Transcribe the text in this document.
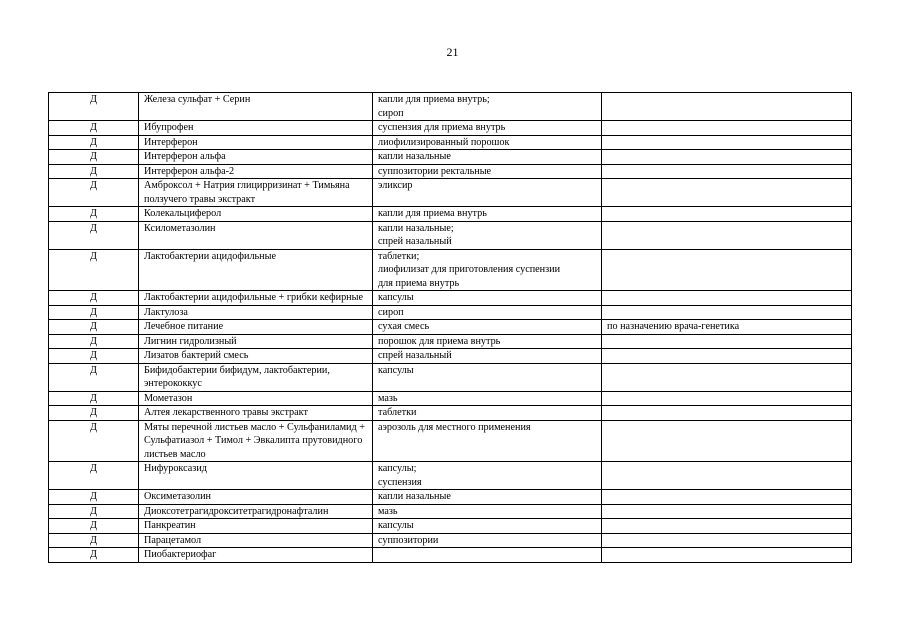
21
Д	Железа сульфат + Серин	капли для приема внутрь;
сироп	

Д	Ибупрофен	суспензия для приема внутрь	

Д	Интерферон	лиофилизированный порошок	

Д	Интерферон альфа	капли назальные	

Д	Интерферон альфа-2	суппозитории ректальные	

Д	Амброксол + Натрия глицирризинат + Тимьяна ползучего травы экстракт	эликсир	

Д	Колекальциферол	капли для приема внутрь	

Д	Ксилометазолин	капли назальные;
спрей назальный	

Д	Лактобактерии ацидофильные	таблетки;
лиофилизат для приготовления суспензии
для приема внутрь	

Д	Лактобактерии ацидофильные + грибки кефирные	капсулы	

Д	Лактулоза	сироп	

Д	Лечебное питание	сухая смесь	по назначению врача-генетика
Д	Лигнин гидролизный	порошок для приема внутрь	

Д	Лизатов бактерий смесь	спрей назальный	

Д	Бифидобактерии бифидум, лактобактерии, энтерококкус	капсулы	

Д	Мометазон	мазь	

Д	Алтея лекарственного травы экстракт	таблетки	

Д	Мяты перечной листьев масло + Сульфаниламид + Сульфатиазол + Тимол + Эвкалипта прутовидного листьев масло	аэрозоль для местного применения	

Д	Нифуроксазид	капсулы;
суспензия	

Д	Оксиметазолин	капли назальные	

Д	Диоксотетрагидрокситетрагидронафталин	мазь	

Д	Панкреатин	капсулы	

Д	Парацетамол	суппозитории	

Д	Пиобактериофаг		
